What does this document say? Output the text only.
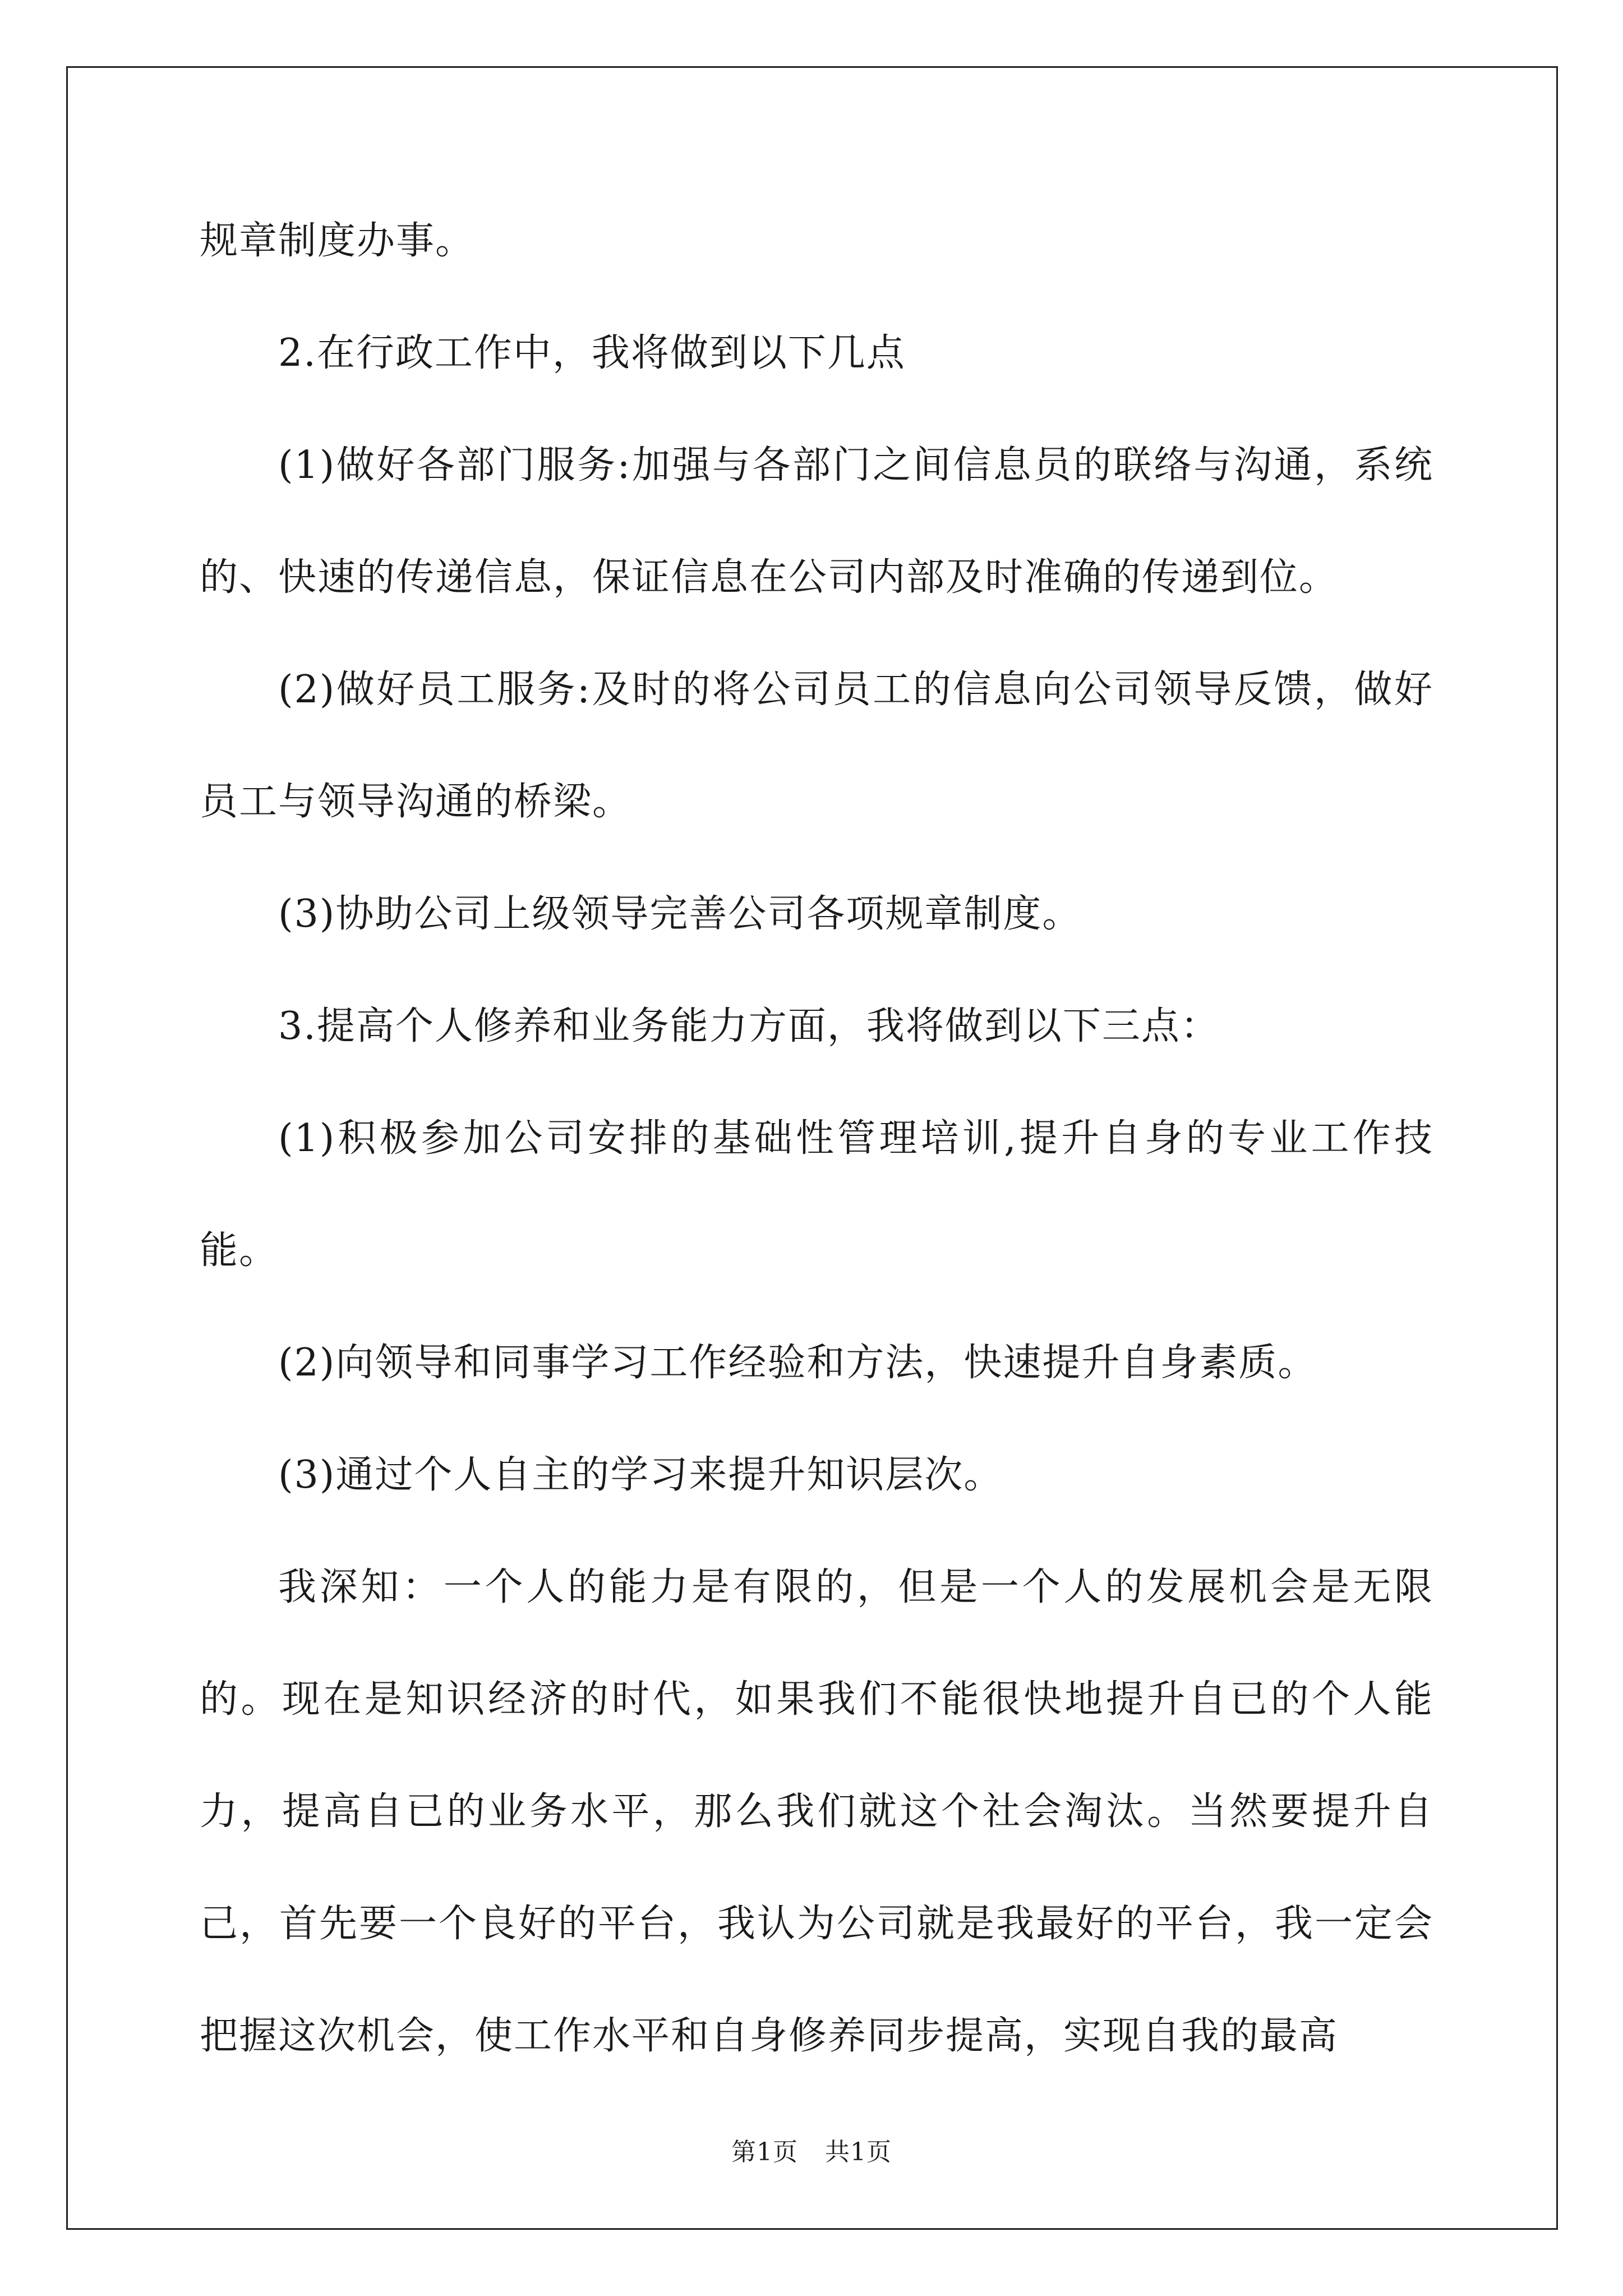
规章制度办事。

2.在行政工作中，我将做到以下几点

(1)做好各部门服务:加强与各部门之间信息员的联络与沟通，系统的、快速的传递信息，保证信息在公司内部及时准确的传递到位。

(2)做好员工服务:及时的将公司员工的信息向公司领导反馈，做好员工与领导沟通的桥梁。

(3)协助公司上级领导完善公司各项规章制度。

3.提高个人修养和业务能力方面，我将做到以下三点：

(1)积极参加公司安排的基础性管理培训,提升自身的专业工作技能。

(2)向领导和同事学习工作经验和方法，快速提升自身素质。

(3)通过个人自主的学习来提升知识层次。

我深知：一个人的能力是有限的，但是一个人的发展机会是无限的。现在是知识经济的时代，如果我们不能很快地提升自已的个人能力，提高自已的业务水平，那么我们就这个社会淘汰。当然要提升自己，首先要一个良好的平台，我认为公司就是我最好的平台，我一定会把握这次机会，使工作水平和自身修养同步提高，实现自我的最高

第1页 共1页
